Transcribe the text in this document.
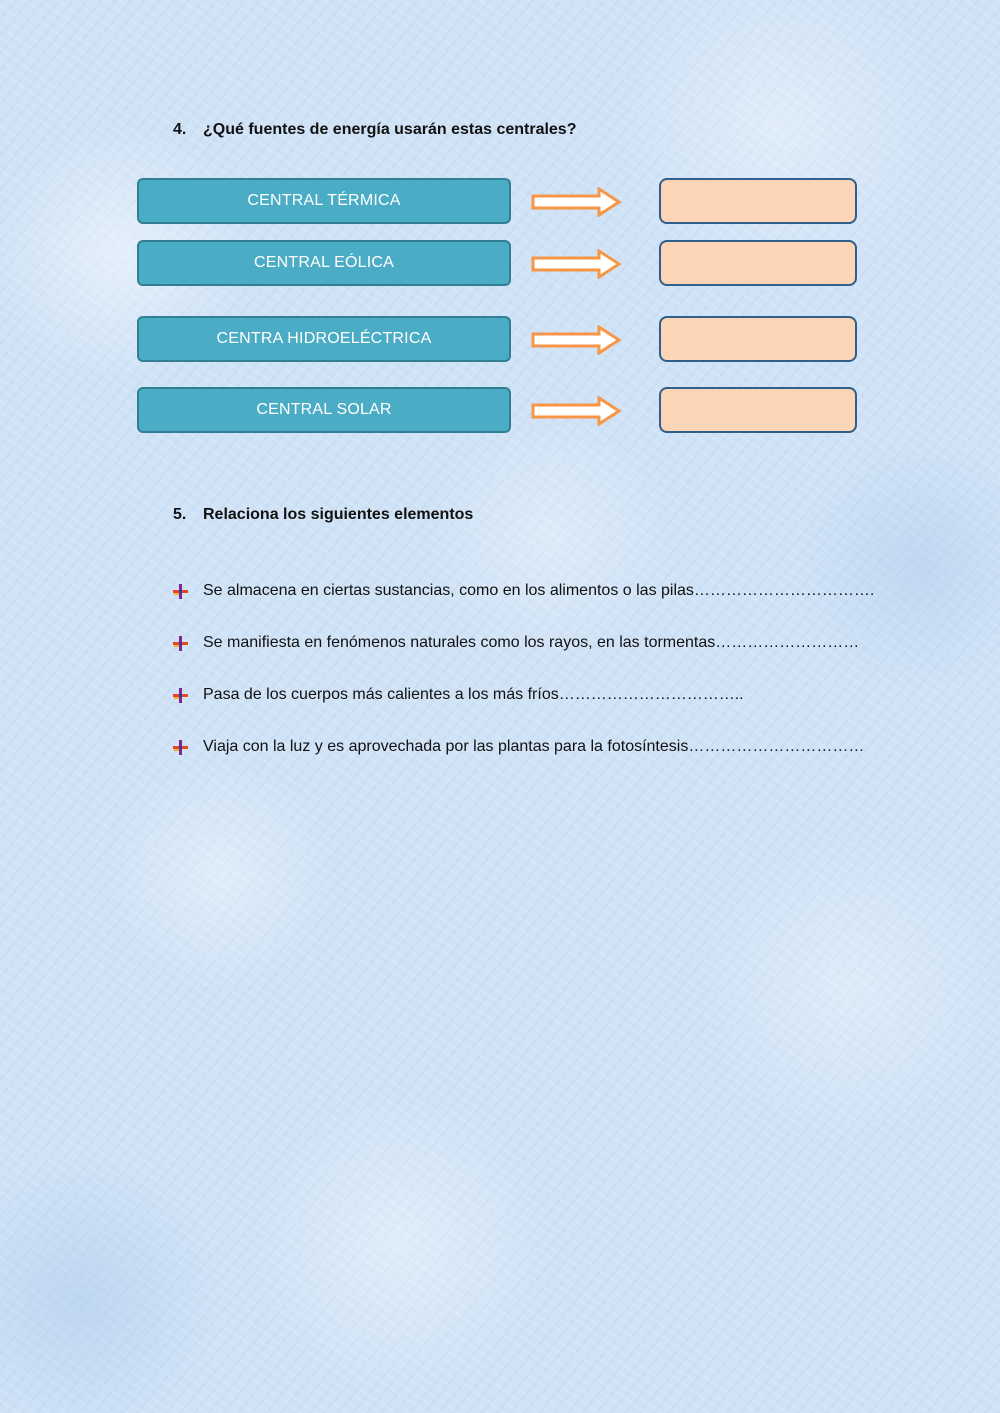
4. ¿Qué fuentes de energía usarán estas centrales?
CENTRAL TÉRMICA
CENTRAL EÓLICA
CENTRA HIDROELÉCTRICA
CENTRAL SOLAR
5. Relaciona los siguientes elementos
Se almacena en ciertas sustancias, como en los alimentos o las pilas…………………………….
Se manifiesta en fenómenos naturales como los rayos, en las tormentas………………………
Pasa de los cuerpos más calientes a los más fríos……………………………..
Viaja con la luz y es aprovechada por las plantas para la fotosíntesis……………………………
